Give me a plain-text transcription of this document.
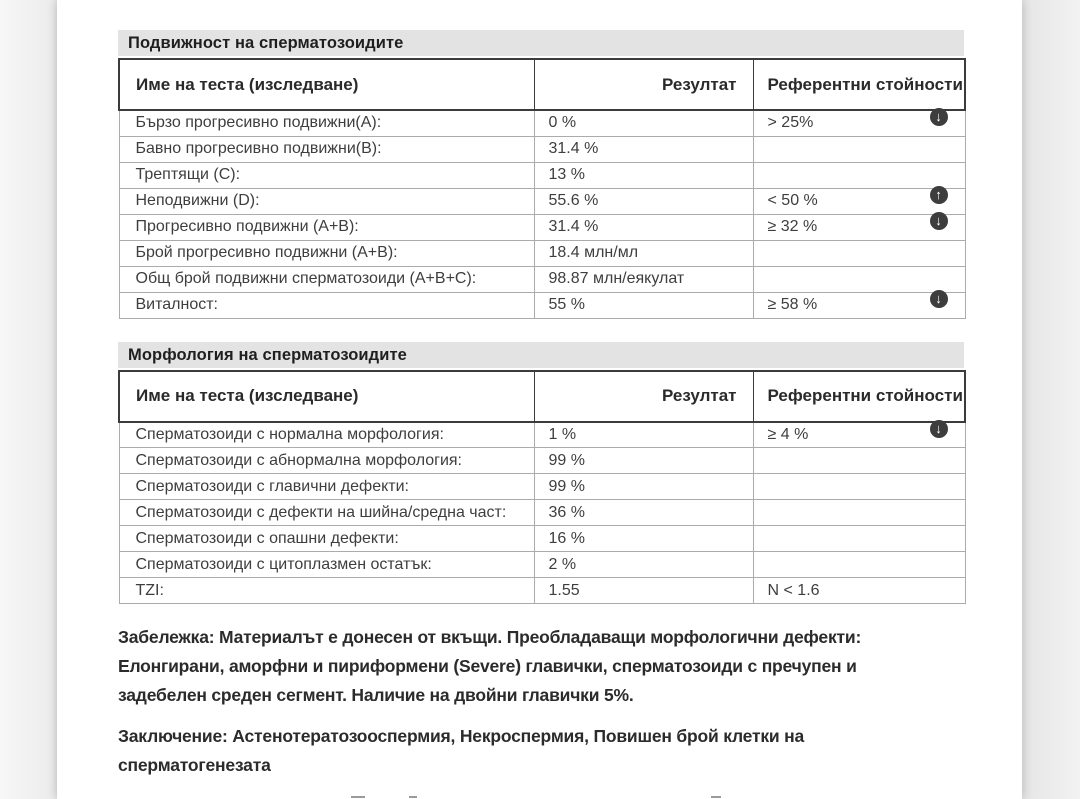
Подвижност на сперматозоидите
Име на теста (изследване)	Резултат	Референтни стойности
Бързо прогресивно подвижни(A):	0 %	> 25% ↓

Бавно прогресивно подвижни(B):	31.4 %	
Трептящи (C):	13 %	
Неподвижни (D):	55.6 %	< 50 % ↑

Прогресивно подвижни (A+B):	31.4 %	≥ 32 % ↓

Брой прогресивно подвижни (A+B):	18.4 млн/мл	
Общ брой подвижни сперматозоиди (A+B+C):	98.87 млн/еякулат	
Виталност:	55 %	≥ 58 % ↓
Морфология на сперматозоидите
Име на теста (изследване)	Резултат	Референтни стойности
Сперматозоиди с нормална морфология:	1 %	≥ 4 % ↓

Сперматозоиди с абнормална морфология:	99 %	
Сперматозоиди с главични дефекти:	99 %	
Сперматозоиди с дефекти на шийна/средна част:	36 %	
Сперматозоиди с опашни дефекти:	16 %	
Сперматозоиди с цитоплазмен остатък:	2 %	
TZI:	1.55	N < 1.6

Забележка: Материалът е донесен от вкъщи. Преобладаващи морфологични дефекти: Елонгирани, аморфни и пириформени (Severe) главички, сперматозоиди с пречупен и задебелен среден сегмент. Наличие на двойни главички 5%.

Заключение: Астенотератозооспермия, Некроспермия, Повишен брой клетки на сперматогенезата
